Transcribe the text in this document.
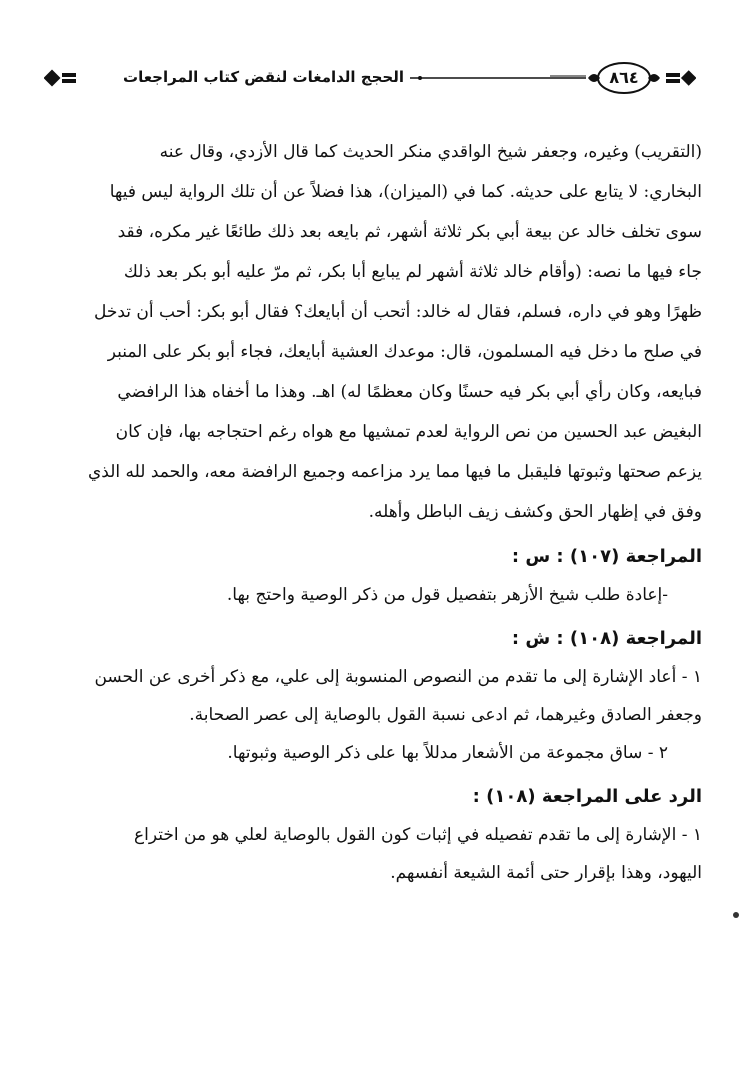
الحجج الدامغات لنقض كتاب المراجعات	٨٦٤
(التقريب) وغيره، وجعفر شيخ الواقدي منكر الحديث كما قال الأزدي، وقال عنه
البخاري: لا يتابع على حديثه. كما في (الميزان)، هذا فضلاً عن أن تلك الرواية ليس فيها
سوى تخلف خالد عن بيعة أبي بكر ثلاثة أشهر، ثم بايعه بعد ذلك طائعًا غير مكره، فقد
جاء فيها ما نصه: (وأقام خالد ثلاثة أشهر لم يبايع أبا بكر، ثم مرّ عليه أبو بكر بعد ذلك
ظهرًا وهو في داره، فسلم، فقال له خالد: أتحب أن أبايعك؟ فقال أبو بكر: أحب أن تدخل
في صلح ما دخل فيه المسلمون، قال: موعدك العشية أبايعك، فجاء أبو بكر على المنبر
فبايعه، وكان رأي أبي بكر فيه حسنًا وكان معظمًا له) اهـ. وهذا ما أخفاه هذا الرافضي
البغيض عبد الحسين من نص الرواية لعدم تمشيها مع هواه رغم احتجاجه بها، فإن كان
يزعم صحتها وثبوتها فليقبل ما فيها مما يرد مزاعمه وجميع الرافضة معه، والحمد لله الذي
وفق في إظهار الحق وكشف زيف الباطل وأهله.
المراجعة (١٠٧) : س :
-إعادة طلب شيخ الأزهر بتفصيل قول من ذكر الوصية واحتج بها.
المراجعة (١٠٨) : ش :
١ - أعاد الإشارة إلى ما تقدم من النصوص المنسوبة إلى علي، مع ذكر أخرى عن الحسن
وجعفر الصادق وغيرهما، ثم ادعى نسبة القول بالوصاية إلى عصر الصحابة.
٢ - ساق مجموعة من الأشعار مدللاً بها على ذكر الوصية وثبوتها.
الرد على المراجعة (١٠٨) :
١ - الإشارة إلى ما تقدم تفصيله في إثبات كون القول بالوصاية لعلي هو من اختراع
اليهود، وهذا بإقرار حتى أئمة الشيعة أنفسهم.
